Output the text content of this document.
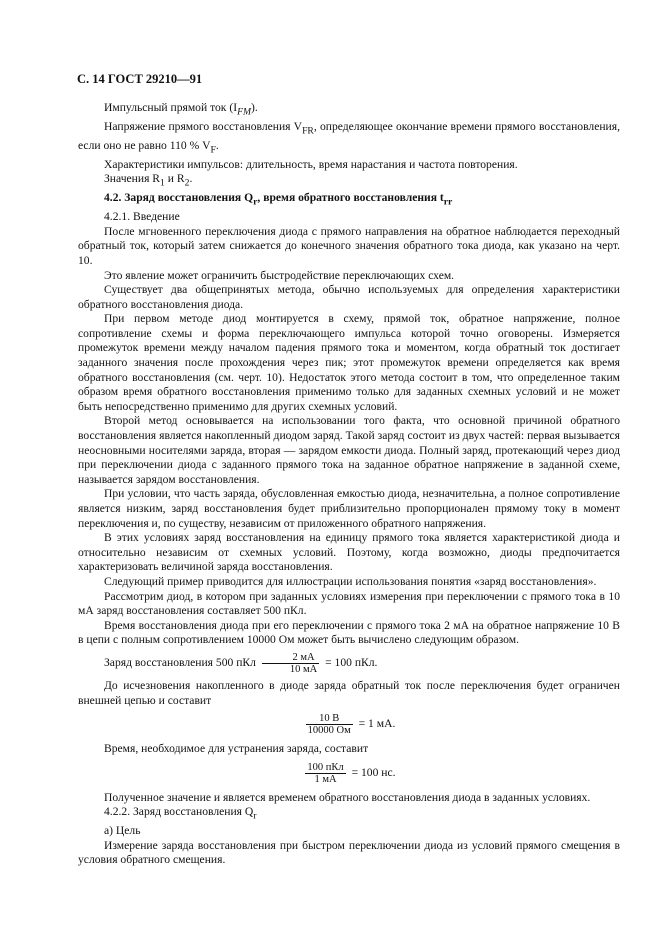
С. 14 ГОСТ 29210—91

Импульсный прямой ток $(I_{FM})$.

Напряжение прямого восстановления $V_{FR}$, определяющее окончание времени прямого восстановления, если оно не равно 110 % $V_F$.

Характеристики импульсов: длительность, время нарастания и частота повторения.

Значения $R_1$ и $R_2$.

4.2. Заряд восстановления $Q_r$, время обратного восстановления $t_{rr}$

4.2.1. Введение

После мгновенного переключения диода с прямого направления на обратное наблюдается переходный обратный ток, который затем снижается до конечного значения обратного тока диода, как указано на черт. 10.

Это явление может ограничить быстродействие переключающих схем.

Существует два общепринятых метода, обычно используемых для определения характеристики обратного восстановления диода.

При первом методе диод монтируется в схему, прямой ток, обратное напряжение, полное сопротивление схемы и форма переключающего импульса которой точно оговорены. Измеряется промежуток времени между началом падения прямого тока и моментом, когда обратный ток достигает заданного значения после прохождения через пик; этот промежуток времени определяется как время обратного восстановления (см. черт. 10). Недостаток этого метода состоит в том, что определенное таким образом время обратного восстановления применимо только для заданных схемных условий и не может быть непосредственно применимо для других схемных условий.

Второй метод основывается на использовании того факта, что основной причиной обратного восстановления является накопленный диодом заряд. Такой заряд состоит из двух частей: первая вызывается неосновными носителями заряда, вторая — зарядом емкости диода. Полный заряд, протекающий через диод при переключении диода с заданного прямого тока на заданное обратное напряжение в заданной схеме, называется зарядом восстановления.

При условии, что часть заряда, обусловленная емкостью диода, незначительна, а полное сопротивление является низким, заряд восстановления будет приблизительно пропорционален прямому току в момент переключения и, по существу, независим от приложенного обратного напряжения.

В этих условиях заряд восстановления на единицу прямого тока является характеристикой диода и относительно независим от схемных условий. Поэтому, когда возможно, диоды предпочитается характеризовать величиной заряда восстановления.

Следующий пример приводится для иллюстрации использования понятия «заряд восстановления».

Рассмотрим диод, в котором при заданных условиях измерения при переключении с прямого тока в 10 мА заряд восстановления составляет 500 пКл.

Время восстановления диода при его переключении с прямого тока 2 мА на обратное напряжение 10 В в цепи с полным сопротивлением 10000 Ом может быть вычислено следующим образом.

Заряд восстановления 500 пКл $\frac{2 мА}{10 мА} = 100$ пКл.

До исчезновения накопленного в диоде заряда обратный ток после переключения будет ограничен внешней цепью и составит

$\frac{10 В}{10000 Ом} = 1$ мА.

Время, необходимое для устранения заряда, составит

$\frac{\text{100 пКл}}{1 мА} = 100$ нс.

Полученное значение и является временем обратного восстановления диода в заданных условиях.

4.2.2. Заряд восстановления $Q_r$

а) Цель

Измерение заряда восстановления при быстром переключении диода из условий прямого смещения в условия обратного смещения.
